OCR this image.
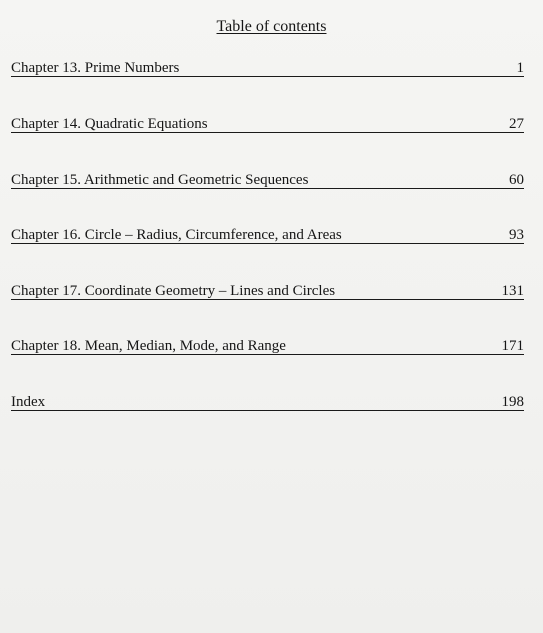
Table of contents
Chapter 13. Prime Numbers	1
Chapter 14. Quadratic Equations	27
Chapter 15. Arithmetic and Geometric Sequences	60
Chapter 16. Circle – Radius, Circumference, and Areas	93
Chapter 17. Coordinate Geometry – Lines and Circles	131
Chapter 18. Mean, Median, Mode, and Range	171
Index	198
